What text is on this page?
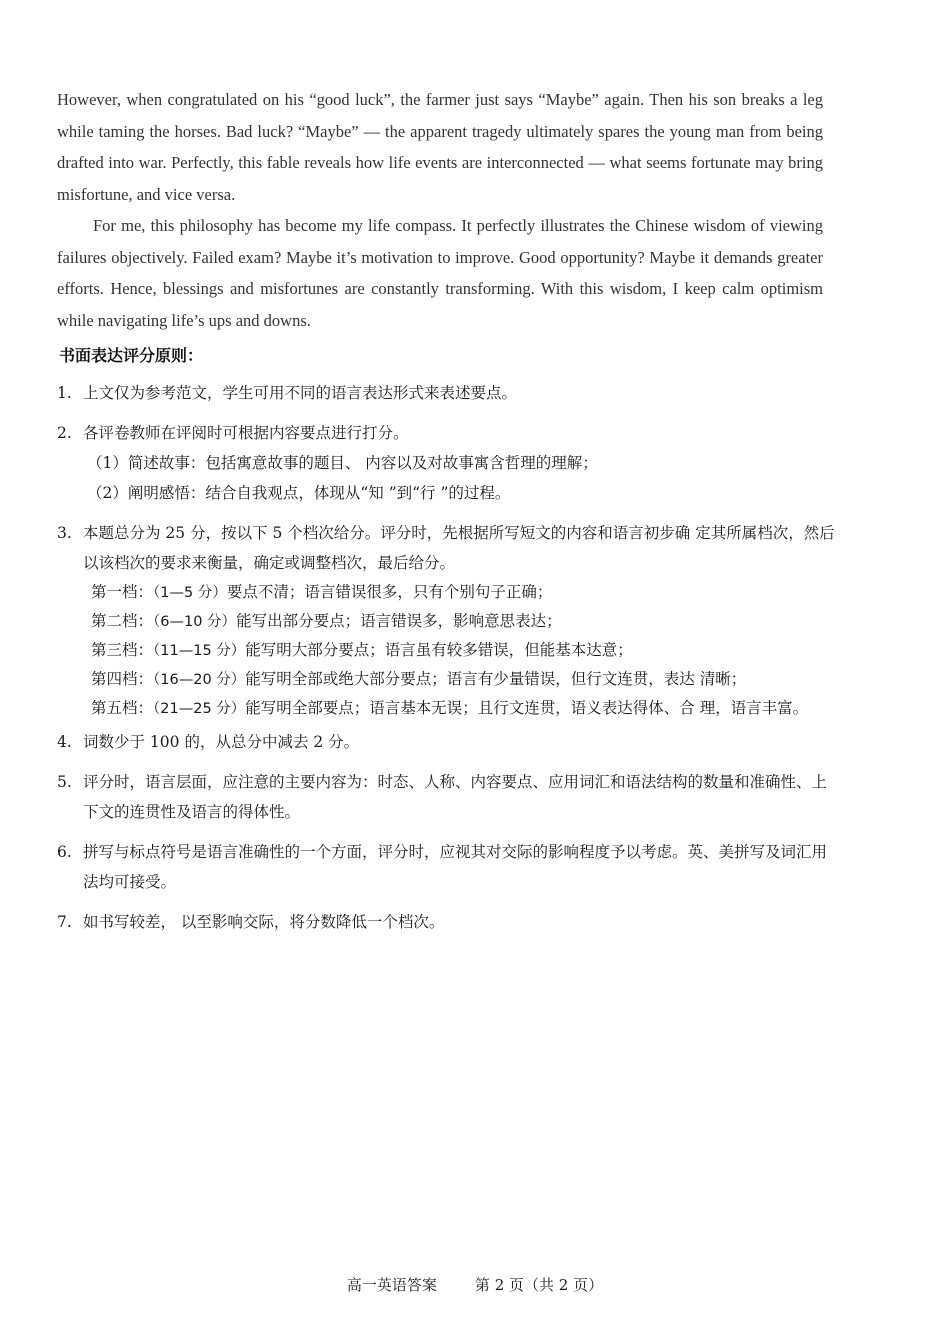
However, when congratulated on his “good luck”, the farmer just says “Maybe” again. Then his son breaks a leg while taming the horses. Bad luck? “Maybe” — the apparent tragedy ultimately spares the young man from being drafted into war. Perfectly, this fable reveals how life events are interconnected — what seems fortunate may bring misfortune, and vice versa.

For me, this philosophy has become my life compass. It perfectly illustrates the Chinese wisdom of viewing failures objectively. Failed exam? Maybe it’s motivation to improve. Good opportunity? Maybe it demands greater efforts. Hence, blessings and misfortunes are constantly transforming. With this wisdom, I keep calm optimism while navigating life’s ups and downs.

书面表达评分原则：
1. 上文仅为参考范文，学生可用不同的语言表达形式来表述要点。
2. 各评卷教师在评阅时可根据内容要点进行打分。
（1）简述故事：包括寓意故事的题目、 内容以及对故事寓含哲理的理解；
（2）阐明感悟：结合自我观点，体现从“知 ”到“行 ”的过程。
3. 本题总分为 25 分，按以下 5 个档次给分。评分时，先根据所写短文的内容和语言初步确 定其所属档次，然后以该档次的要求来衡量，确定或调整档次，最后给分。
第一档：（1—5 分） 要点不清；语言错误很多，只有个别句子正确；
第二档：（6—10 分） 能写出部分要点；语言错误多，影响意思表达；
第三档：（11—15 分） 能写明大部分要点；语言虽有较多错误，但能基本达意；
第四档：（16—20 分） 能写明全部或绝大部分要点；语言有少量错误，但行文连贯，表达 清晰；
第五档：（21—25 分） 能写明全部要点；语言基本无误；且行文连贯，语义表达得体、合 理，语言丰富。
4. 词数少于 100 的，从总分中减去 2 分。
5. 评分时，语言层面，应注意的主要内容为：时态、人称、内容要点、应用词汇和语法结构的数量和准确性、上下文的连贯性及语言的得体性。
6. 拼写与标点符号是语言准确性的一个方面，评分时，应视其对交际的影响程度予以考虑。英、美拼写及词汇用法均可接受。
7. 如书写较差， 以至影响交际，将分数降低一个档次。
高一英语答案	第 2 页（共 2 页）
